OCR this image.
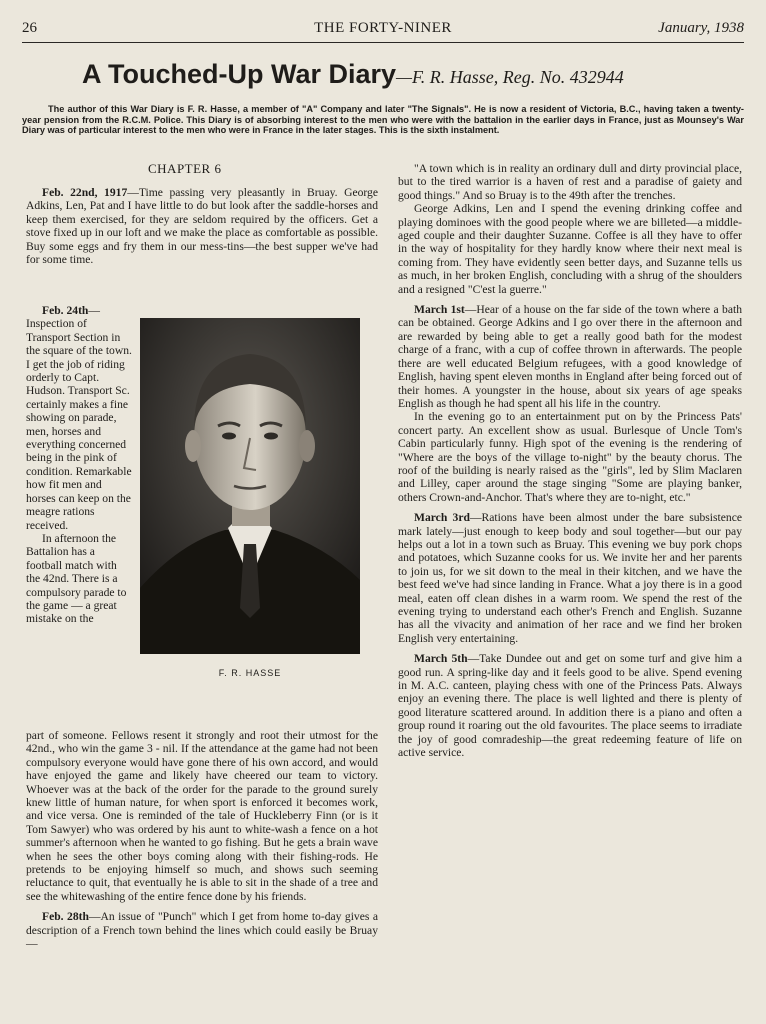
26	THE FORTY-NINER	January, 1938
A Touched-Up War Diary—F. R. Hasse, Reg. No. 432944
The author of this War Diary is F. R. Hasse, a member of "A" Company and later "The Signals". He is now a resident of Victoria, B.C., having taken a twenty-year pension from the R.C.M. Police. This Diary is of absorbing interest to the men who were with the battalion in the earlier days in France, just as Mounsey's War Diary was of particular interest to the men who were in France in the later stages. This is the sixth instalment.
CHAPTER 6

Feb. 22nd, 1917—Time passing very pleasantly in Bruay. George Adkins, Len, Pat and I have little to do but look after the saddle-horses and keep them exercised, for they are seldom required by the officers. Get a stove fixed up in our loft and we make the place as comfortable as possible. Buy some eggs and fry them in our mess-tins—the best supper we've had for some time.

Feb. 24th— Inspection of Transport Section in the square of the town. I get the job of riding orderly to Capt. Hudson. Transport Sc. certainly makes a fine showing on parade, men, horses and everything concerned being in the pink of condition. Remarkable how fit men and horses can keep on the meagre rations received.

In afternoon the Battalion has a football match with the 42nd. There is a compulsory parade to the game — a great mistake on the

F. R. HASSE

part of someone. Fellows resent it strongly and root their utmost for the 42nd., who win the game 3 - nil. If the attendance at the game had not been compulsory everyone would have gone there of his own accord, and would have enjoyed the game and likely have cheered our team to victory. Whoever was at the back of the order for the parade to the ground surely knew little of human nature, for when sport is enforced it becomes work, and vice versa. One is reminded of the tale of Huckleberry Finn (or is it Tom Sawyer) who was ordered by his aunt to white-wash a fence on a hot summer's afternoon when he wanted to go fishing. But he gets a brain wave when he sees the other boys coming along with their fishing-rods. He pretends to be enjoying himself so much, and shows such seeming reluctance to quit, that eventually he is able to sit in the shade of a tree and see the whitewashing of the entire fence done by his friends.

Feb. 28th—An issue of "Punch" which I get from home to-day gives a description of a French town behind the lines which could easily be Bruay—

"A town which is in reality an ordinary dull and dirty provincial place, but to the tired warrior is a haven of rest and a paradise of gaiety and good things." And so Bruay is to the 49th after the trenches.

George Adkins, Len and I spend the evening drinking coffee and playing dominoes with the good people where we are billeted—a middle-aged couple and their daughter Suzanne. Coffee is all they have to offer in the way of hospitality for they hardly know where their next meal is coming from. They have evidently seen better days, and Suzanne tells us as much, in her broken English, concluding with a shrug of the shoulders and a resigned "C'est la guerre."

March 1st—Hear of a house on the far side of the town where a bath can be obtained. George Adkins and I go over there in the afternoon and are rewarded by being able to get a really good bath for the modest charge of a franc, with a cup of coffee thrown in afterwards. The people there are well educated Belgium refugees, with a good knowledge of English, having spent eleven months in England after being forced out of their homes. A youngster in the house, about six years of age speaks English as though he had spent all his life in the country.

In the evening go to an entertainment put on by the Princess Pats' concert party. An excellent show as usual. Burlesque of Uncle Tom's Cabin particularly funny. High spot of the evening is the rendering of "Where are the boys of the village to-night" by the beauty chorus. The roof of the building is nearly raised as the "girls", led by Slim Maclaren and Lilley, caper around the stage singing "Some are playing banker, others Crown-and-Anchor. That's where they are to-night, etc."

March 3rd—Rations have been almost under the bare subsistence mark lately—just enough to keep body and soul together—but our pay helps out a lot in a town such as Bruay. This evening we buy pork chops and potatoes, which Suzanne cooks for us. We invite her and her parents to join us, for we sit down to the meal in their kitchen, and we have the best feed we've had since landing in France. What a joy there is in a good meal, eaten off clean dishes in a warm room. We spend the rest of the evening trying to understand each other's French and English. Suzanne has all the vivacity and animation of her race and we find her broken English very entertaining.

March 5th—Take Dundee out and get on some turf and give him a good run. A spring-like day and it feels good to be alive. Spend evening in M. A.C. canteen, playing chess with one of the Princess Pats. Always enjoy an evening there. The place is well lighted and there is plenty of good literature scattered around. In addition there is a piano and often a group round it roaring out the old favourites. The place seems to irradiate the joy of good comradeship—the great redeeming feature of life on active service.
